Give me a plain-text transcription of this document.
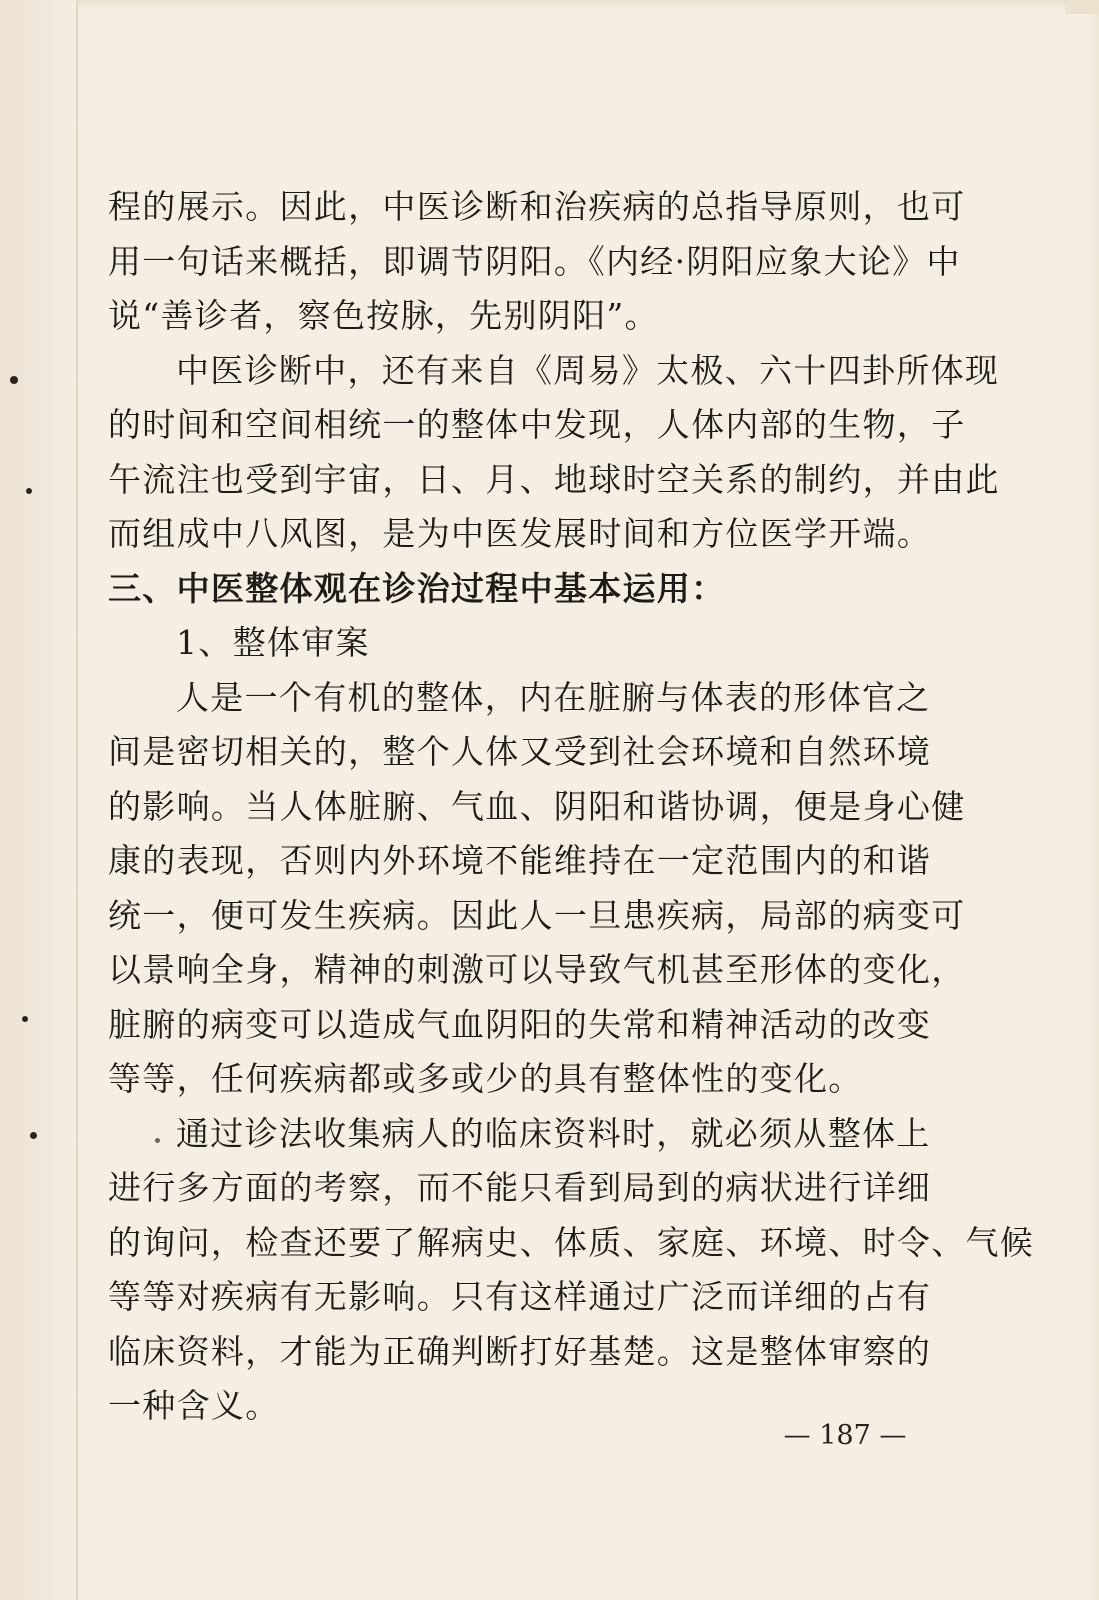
程的展示。因此，中医诊断和治疾病的总指导原则，也可
用一句话来概括，即调节阴阳。《内经·阴阳应象大论》中
说“善诊者，察色按脉，先别阴阳”。
中医诊断中，还有来自《周易》太极、六十四卦所体现
的时间和空间相统一的整体中发现，人体内部的生物，子
午流注也受到宇宙，日、月、地球时空关系的制约，并由此
而组成中八风图，是为中医发展时间和方位医学开端。
三、中医整体观在诊治过程中基本运用：
1、整体审案
人是一个有机的整体，内在脏腑与体表的形体官之
间是密切相关的，整个人体又受到社会环境和自然环境
的影响。当人体脏腑、气血、阴阳和谐协调，便是身心健
康的表现，否则内外环境不能维持在一定范围内的和谐
统一，便可发生疾病。因此人一旦患疾病，局部的病变可
以景响全身，精神的刺激可以导致气机甚至形体的变化，
脏腑的病变可以造成气血阴阳的失常和精神活动的改变
等等，任何疾病都或多或少的具有整体性的变化。
通过诊法收集病人的临床资料时，就必须从整体上
进行多方面的考察，而不能只看到局到的病状进行详细
的询问，检查还要了解病史、体质、家庭、环境、时令、气候
等等对疾病有无影响。只有这样通过广泛而详细的占有
临床资料，才能为正确判断打好基楚。这是整体审察的
一种含义。
— 187 —
